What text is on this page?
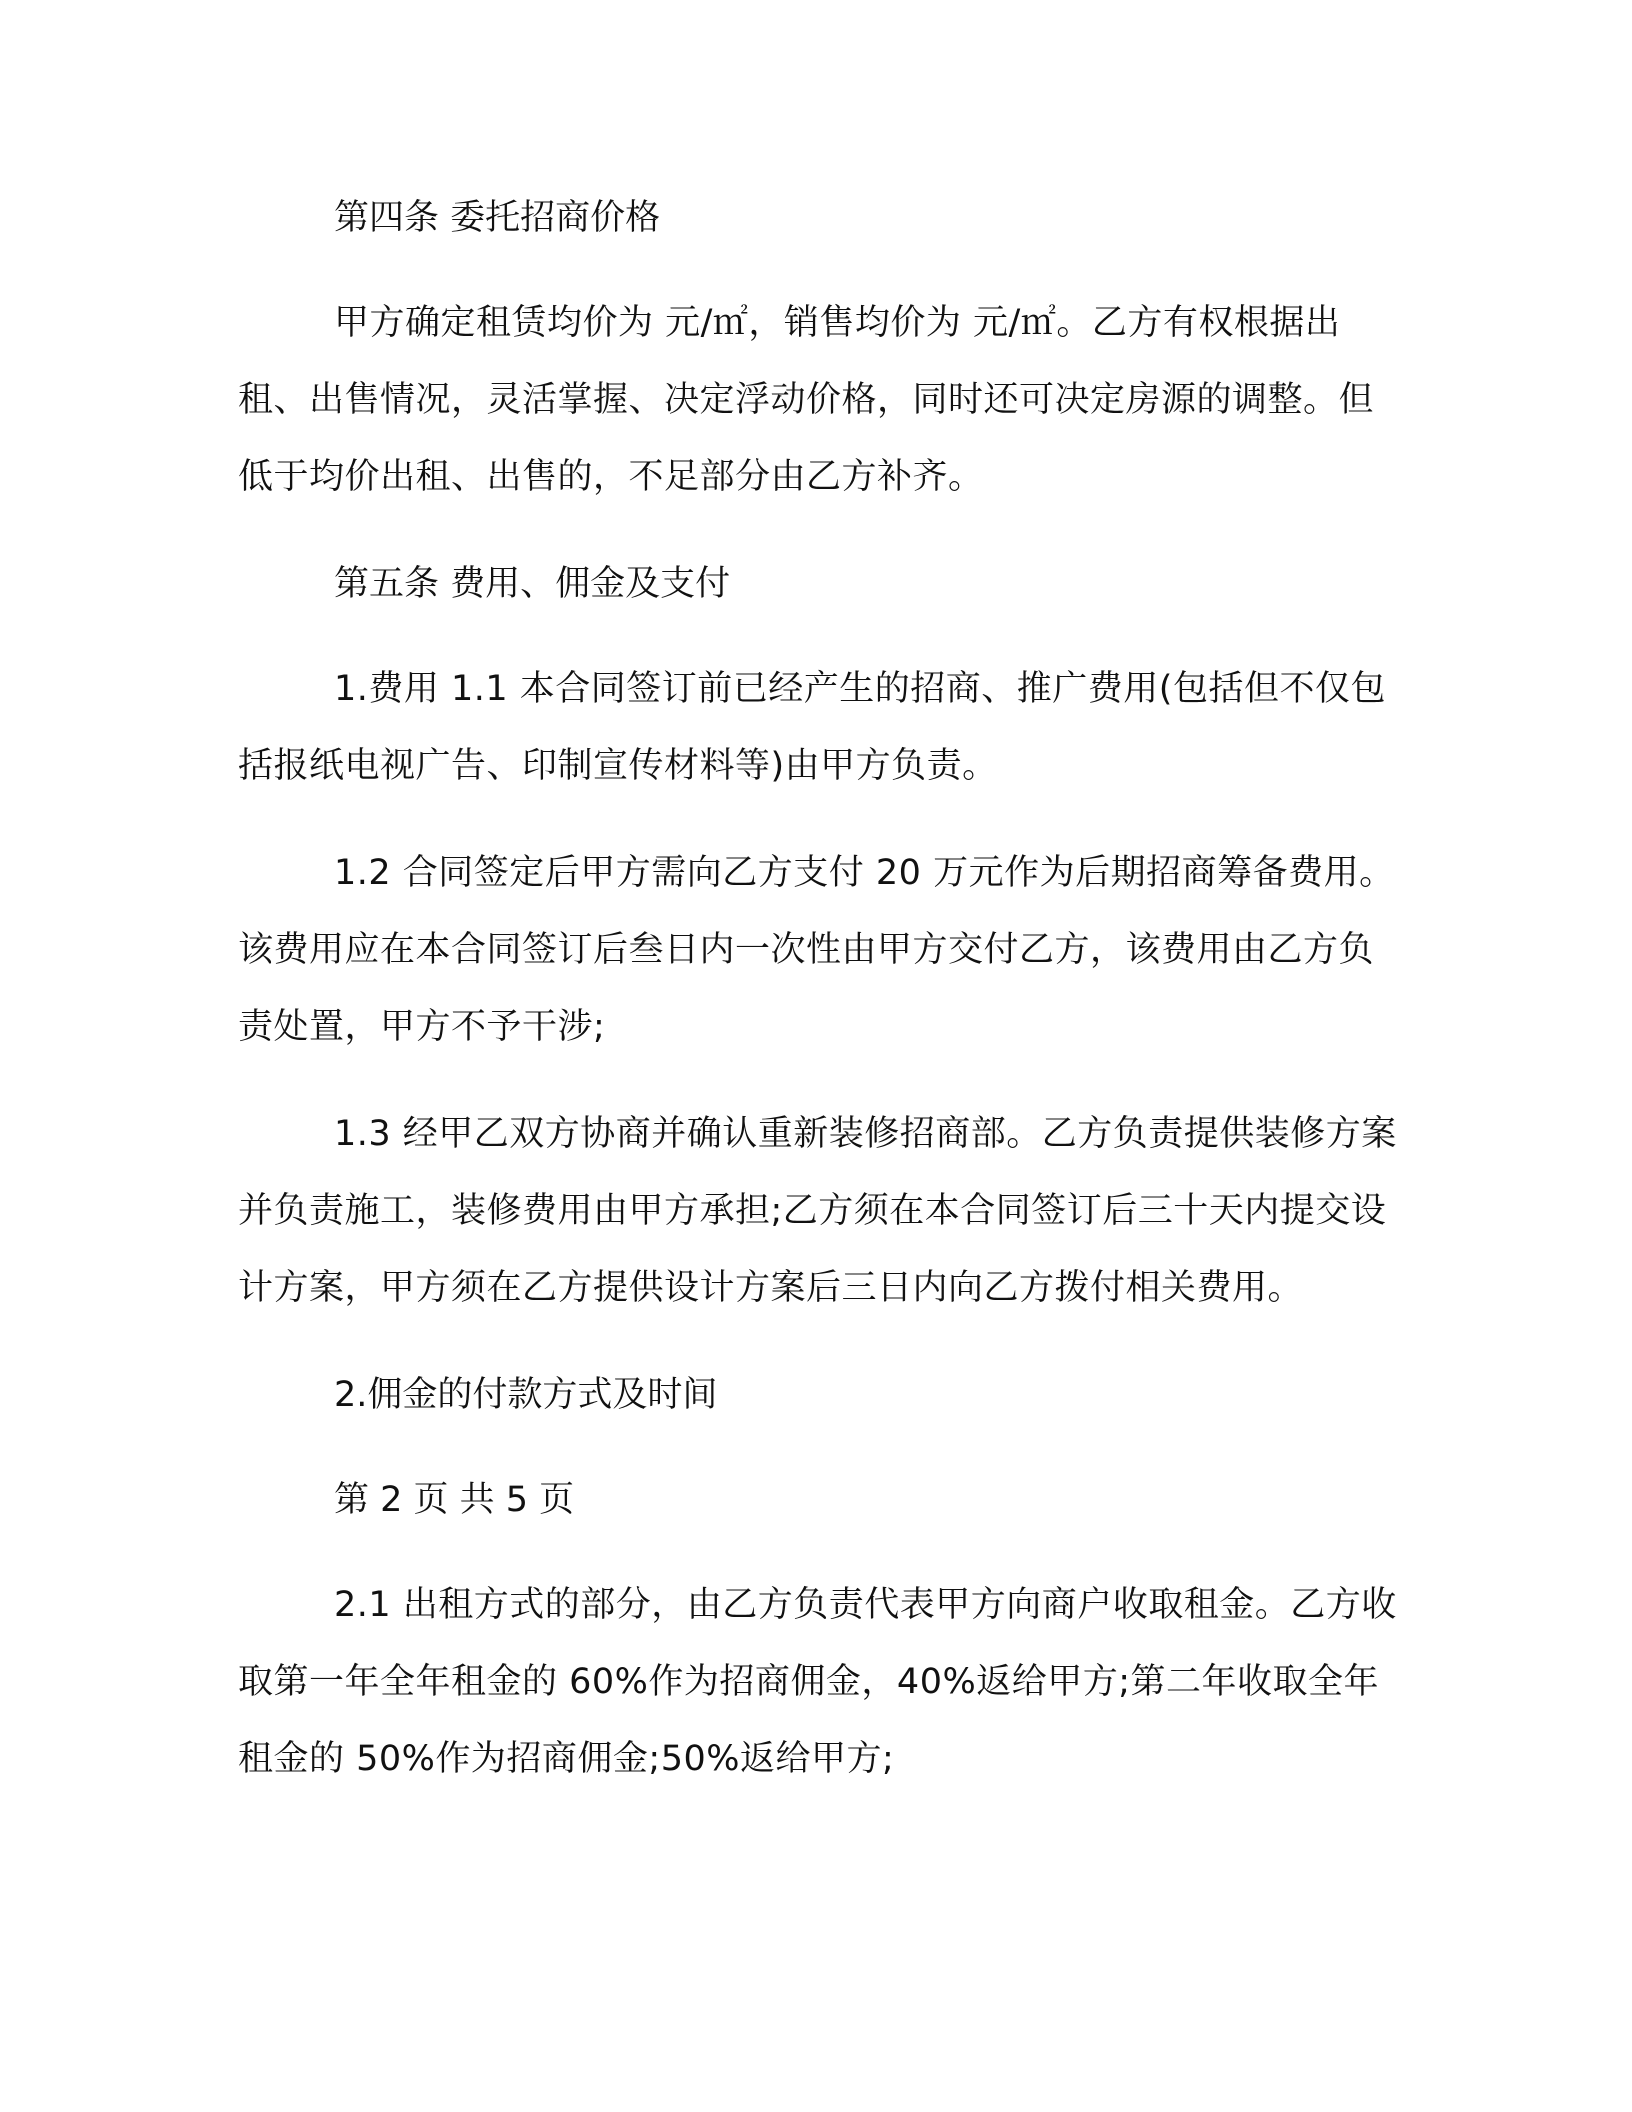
第四条 委托招商价格

甲方确定租赁均价为 元/㎡，销售均价为 元/㎡。乙方有权根据出租、出售情况，灵活掌握、决定浮动价格，同时还可决定房源的调整。但低于均价出租、出售的，不足部分由乙方补齐。

第五条 费用、佣金及支付

1.费用 1.1 本合同签订前已经产生的招商、推广费用(包括但不仅包括报纸电视广告、印制宣传材料等)由甲方负责。

1.2 合同签定后甲方需向乙方支付 20 万元作为后期招商筹备费用。该费用应在本合同签订后叁日内一次性由甲方交付乙方，该费用由乙方负责处置，甲方不予干涉;

1.3 经甲乙双方协商并确认重新装修招商部。乙方负责提供装修方案并负责施工，装修费用由甲方承担;乙方须在本合同签订后三十天内提交设计方案，甲方须在乙方提供设计方案后三日内向乙方拨付相关费用。

2.佣金的付款方式及时间

第 2 页 共 5 页

2.1 出租方式的部分，由乙方负责代表甲方向商户收取租金。乙方收取第一年全年租金的 60%作为招商佣金，40%返给甲方;第二年收取全年租金的 50%作为招商佣金;50%返给甲方;
